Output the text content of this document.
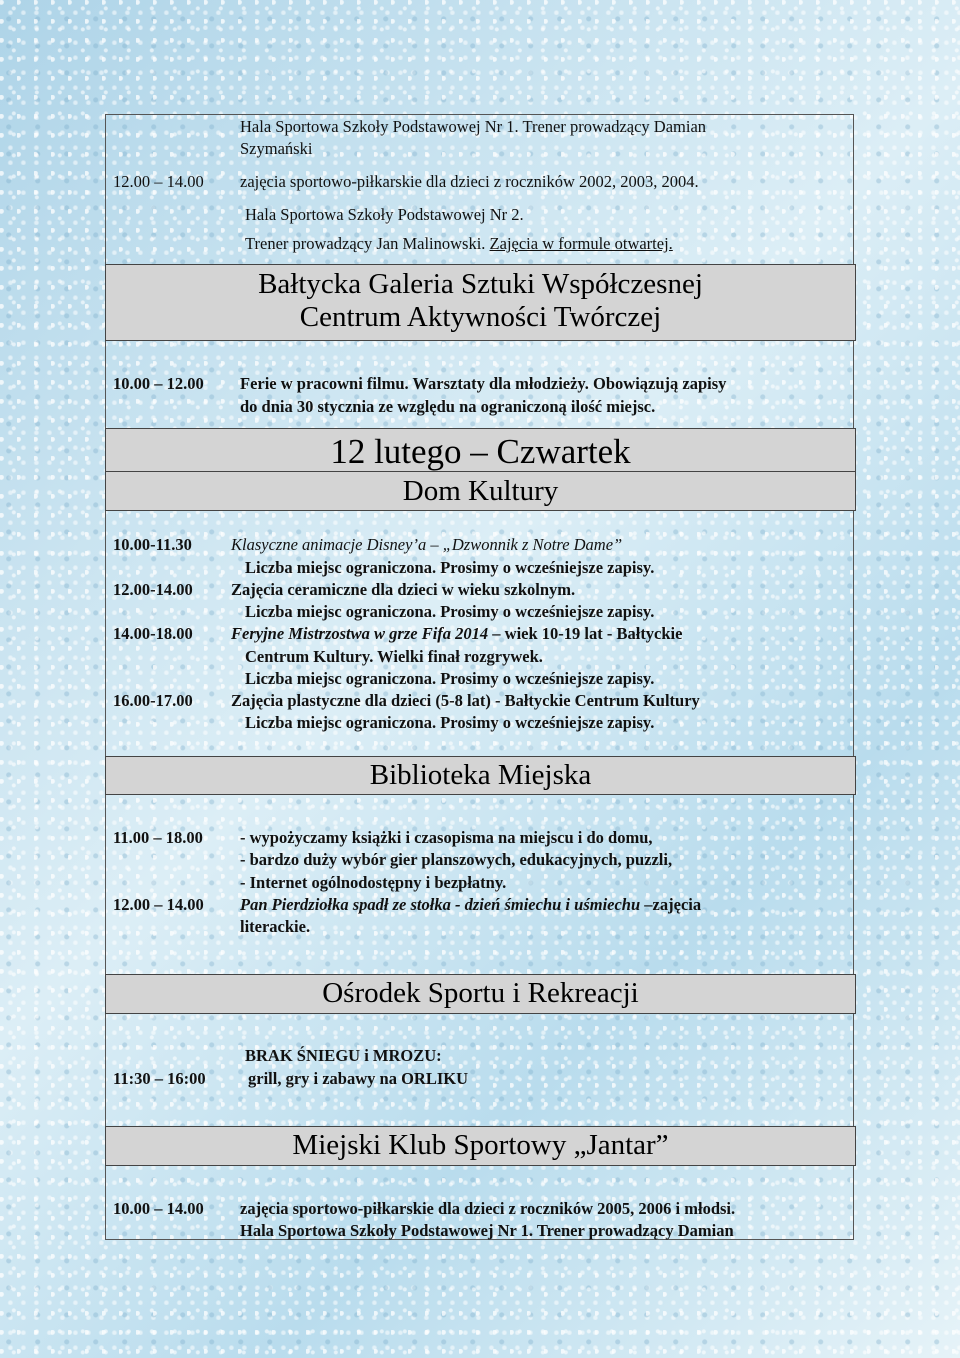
Hala Sportowa Szkoły Podstawowej Nr 1. Trener prowadzący Damian
Szymański
12.00 – 14.00 zajęcia sportowo-piłkarskie dla dzieci z roczników 2002, 2003, 2004.
Hala Sportowa Szkoły Podstawowej Nr 2.
Trener prowadzący Jan Malinowski. Zajęcia w formule otwartej.
Bałtycka Galeria Sztuki Współczesnej
Centrum Aktywności Twórczej
10.00 – 12.00 Ferie w pracowni filmu. Warsztaty dla młodzieży. Obowiązują zapisy
do dnia 30 stycznia ze względu na ograniczoną ilość miejsc.
12 lutego – Czwartek
Dom Kultury
10.00-11.30 Klasyczne animacje Disney’a – „Dzwonnik z Notre Dame”
Liczba miejsc ograniczona. Prosimy o wcześniejsze zapisy.
12.00-14.00 Zajęcia ceramiczne dla dzieci w wieku szkolnym.
Liczba miejsc ograniczona. Prosimy o wcześniejsze zapisy.
14.00-18.00 Feryjne Mistrzostwa w grze Fifa 2014 – wiek 10-19 lat - Bałtyckie
Centrum Kultury. Wielki finał rozgrywek.
Liczba miejsc ograniczona. Prosimy o wcześniejsze zapisy.
16.00-17.00 Zajęcia plastyczne dla dzieci (5-8 lat) - Bałtyckie Centrum Kultury
Liczba miejsc ograniczona. Prosimy o wcześniejsze zapisy.
Biblioteka Miejska
11.00 – 18.00 - wypożyczamy książki i czasopisma na miejscu i do domu,
- bardzo duży wybór gier planszowych, edukacyjnych, puzzli,
- Internet ogólnodostępny i bezpłatny.
12.00 – 14.00 Pan Pierdziołka spadł ze stołka - dzień śmiechu i uśmiechu –zajęcia
literackie.
Ośrodek Sportu i Rekreacji
BRAK ŚNIEGU i MROZU:
11:30 – 16:00	grill, gry i zabawy na ORLIKU
Miejski Klub Sportowy „Jantar”
10.00 – 14.00 zajęcia sportowo-piłkarskie dla dzieci z roczników 2005, 2006 i młodsi.
Hala Sportowa Szkoły Podstawowej Nr 1. Trener prowadzący Damian
